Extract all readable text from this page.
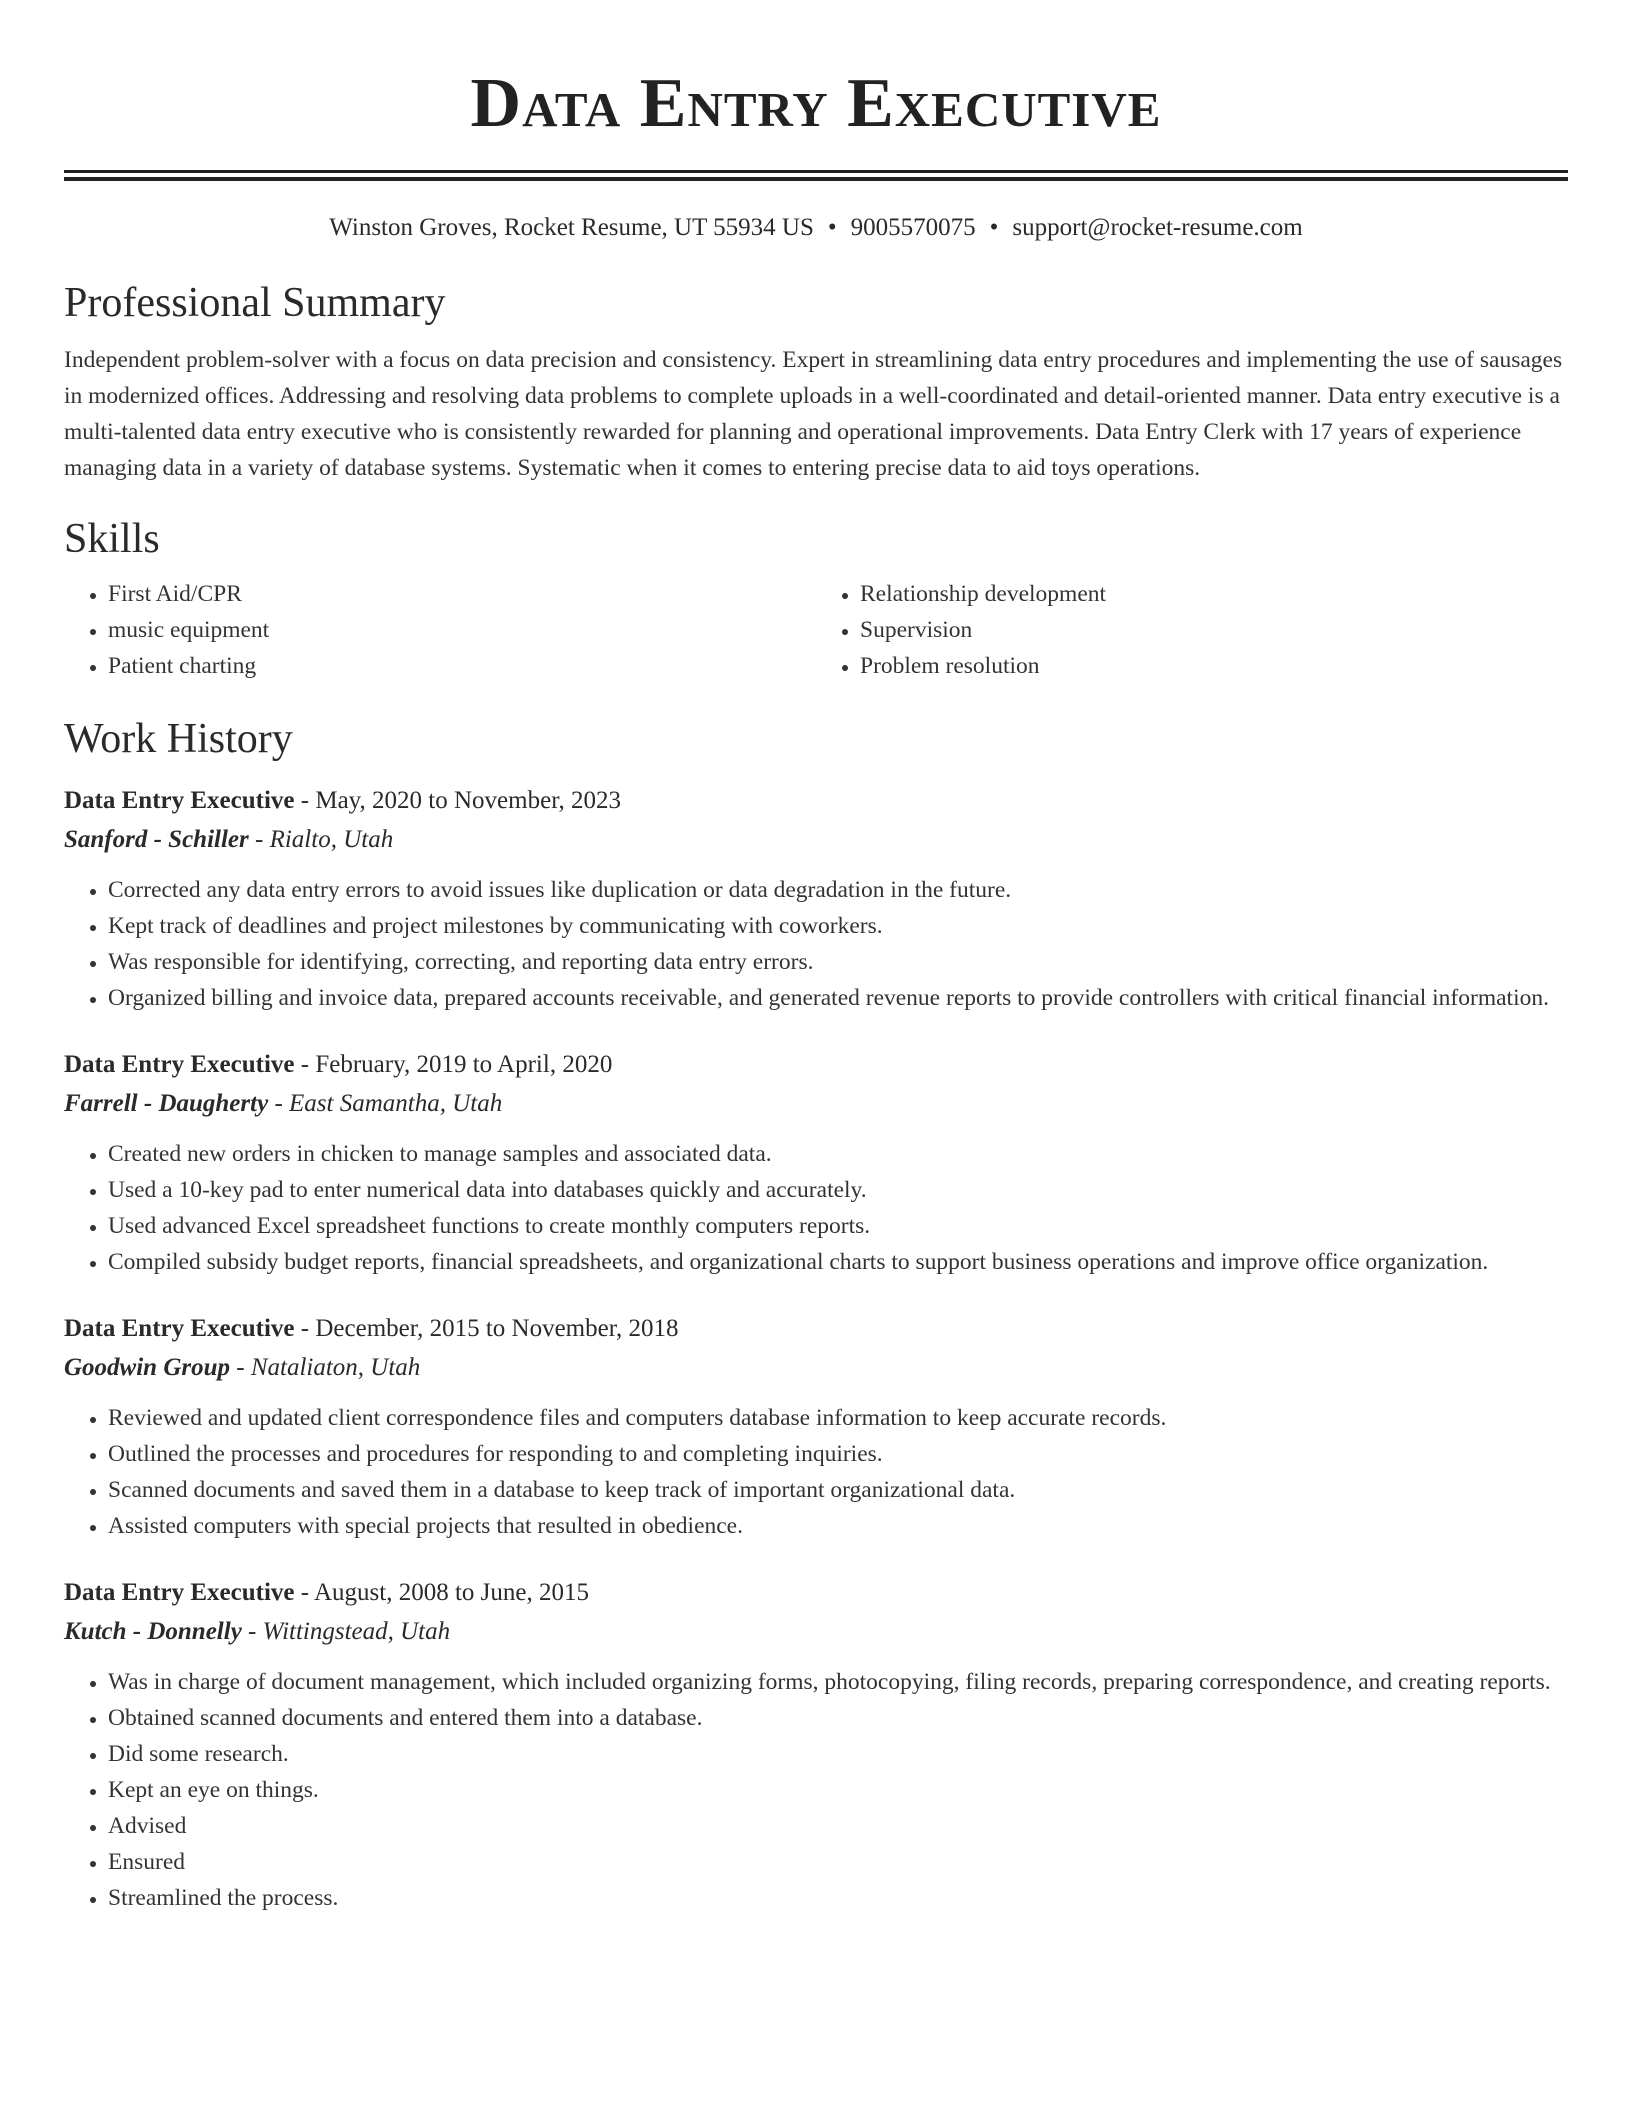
Data Entry Executive
Winston Groves, Rocket Resume, UT 55934 US • 9005570075 • support@rocket-resume.com
Professional Summary

Independent problem-solver with a focus on data precision and consistency. Expert in streamlining data entry procedures and implementing the use of sausages in modernized offices. Addressing and resolving data problems to complete uploads in a well-coordinated and detail-oriented manner. Data entry executive is a multi-talented data entry executive who is consistently rewarded for planning and operational improvements. Data Entry Clerk with 17 years of experience managing data in a variety of database systems. Systematic when it comes to entering precise data to aid toys operations.

Skills
• First Aid/CPR
• music equipment
• Patient charting
• Relationship development
• Supervision
• Problem resolution
Work History
Data Entry Executive - May, 2020 to November, 2023
Sanford - Schiller - Rialto, Utah
• Corrected any data entry errors to avoid issues like duplication or data degradation in the future.
• Kept track of deadlines and project milestones by communicating with coworkers.
• Was responsible for identifying, correcting, and reporting data entry errors.
• Organized billing and invoice data, prepared accounts receivable, and generated revenue reports to provide controllers with critical financial information.
Data Entry Executive - February, 2019 to April, 2020
Farrell - Daugherty - East Samantha, Utah
• Created new orders in chicken to manage samples and associated data.
• Used a 10-key pad to enter numerical data into databases quickly and accurately.
• Used advanced Excel spreadsheet functions to create monthly computers reports.
• Compiled subsidy budget reports, financial spreadsheets, and organizational charts to support business operations and improve office organization.
Data Entry Executive - December, 2015 to November, 2018
Goodwin Group - Nataliaton, Utah
• Reviewed and updated client correspondence files and computers database information to keep accurate records.
• Outlined the processes and procedures for responding to and completing inquiries.
• Scanned documents and saved them in a database to keep track of important organizational data.
• Assisted computers with special projects that resulted in obedience.
Data Entry Executive - August, 2008 to June, 2015
Kutch - Donnelly - Wittingstead, Utah
• Was in charge of document management, which included organizing forms, photocopying, filing records, preparing correspondence, and creating reports.
• Obtained scanned documents and entered them into a database.
• Did some research.
• Kept an eye on things.
• Advised
• Ensured
• Streamlined the process.
